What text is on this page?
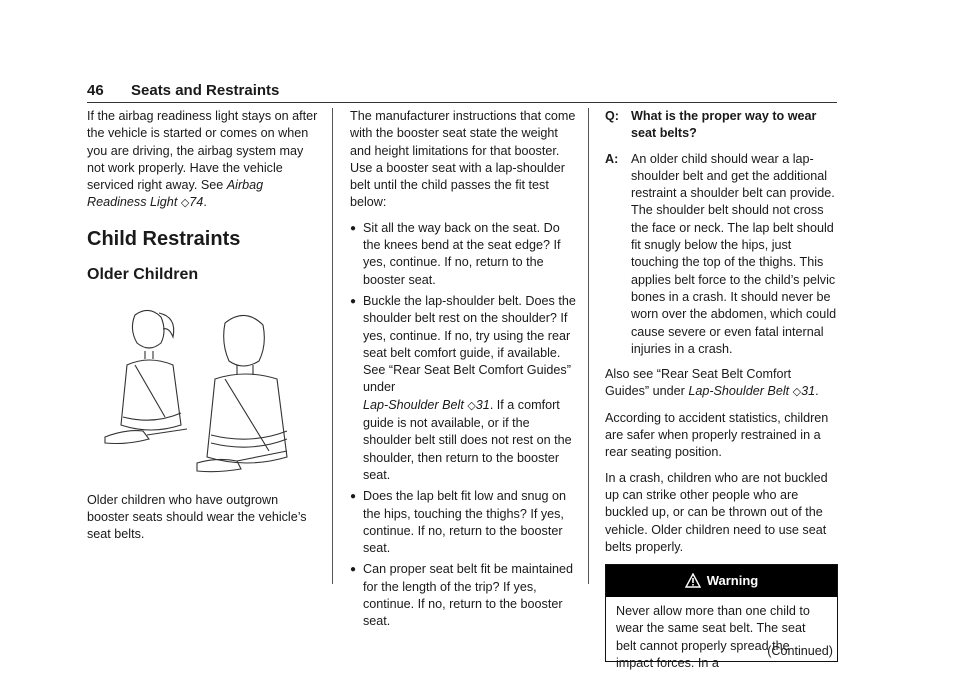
46 Seats and Restraints

If the airbag readiness light stays on after the vehicle is started or comes on when you are driving, the airbag system may not work properly. Have the vehicle serviced right away. See Airbag Readiness Light ◇74.

Child Restraints
Older Children

Older children who have outgrown booster seats should wear the vehicle’s seat belts.

The manufacturer instructions that come with the booster seat state the weight and height limitations for that booster. Use a booster seat with a lap-shoulder belt until the child passes the fit test below:

● Sit all the way back on the seat. Do the knees bend at the seat edge? If yes, continue. If no, return to the booster seat.
● Buckle the lap-shoulder belt. Does the shoulder belt rest on the shoulder? If yes, continue. If no, try using the rear seat belt comfort guide, if available. See “Rear Seat Belt Comfort Guides” under
Lap-Shoulder Belt ◇31. If a comfort guide is not available, or if the shoulder belt still does not rest on the shoulder, then return to the booster seat.
● Does the lap belt fit low and snug on the hips, touching the thighs? If yes, continue. If no, return to the booster seat.
● Can proper seat belt fit be maintained for the length of the trip? If yes, continue. If no, return to the booster seat.
Q: What is the proper way to wear seat belts?
A: An older child should wear a lap-shoulder belt and get the additional restraint a shoulder belt can provide. The shoulder belt should not cross the face or neck. The lap belt should fit snugly below the hips, just touching the top of the thighs. This applies belt force to the child’s pelvic bones in a crash. It should never be worn over the abdomen, which could cause severe or even fatal internal injuries in a crash.

Also see “Rear Seat Belt Comfort Guides” under Lap-Shoulder Belt ◇31.

According to accident statistics, children are safer when properly restrained in a rear seating position.

In a crash, children who are not buckled up can strike other people who are buckled up, or can be thrown out of the vehicle. Older children need to use seat belts properly.

Warning
Never allow more than one child to wear the same seat belt. The seat belt cannot properly spread the impact forces. In a
(Continued)
